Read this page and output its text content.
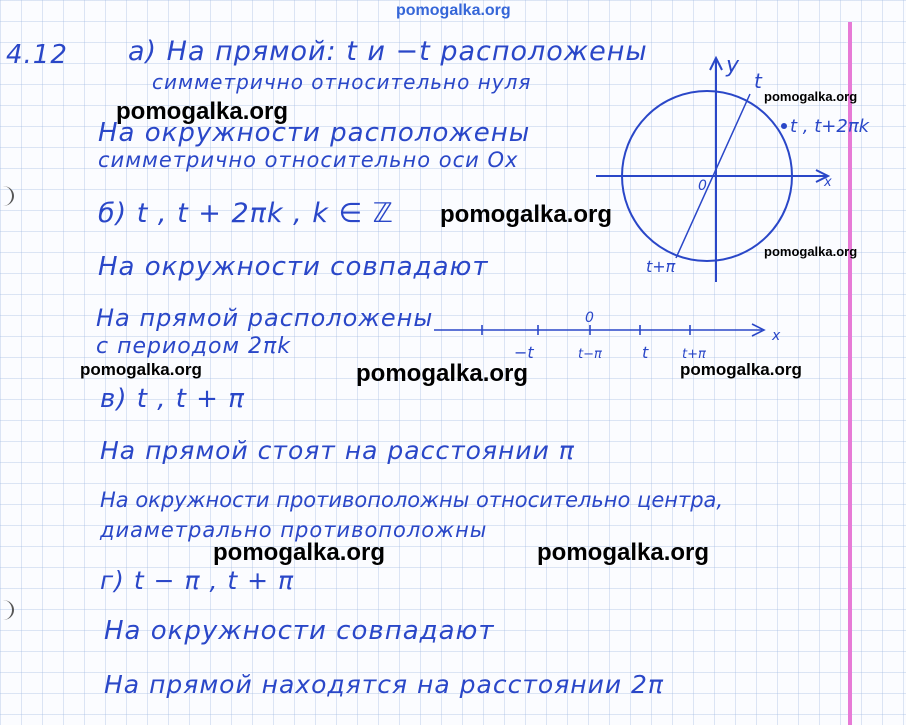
pomogalka.org
4.12 а) На прямой: t и −t расположены
симметрично относительно нуля
pomogalka.org
На окружности расположены
симметрично относительно оси Ox
б) t , t + 2πk , k ∈ ℤ pomogalka.org
На окружности совпадают
На прямой расположены
с периодом 2πk
pomogalka.org	pomogalka.org	pomogalka.org
в) t , t + π
На прямой стоят на расстоянии π
На окружности противоположны относительно центра,
диаметрально противоположны
pomogalka.org	pomogalka.org
г) t − π , t + π
На окружности совпадают
На прямой находятся на расстоянии 2π
y
x
0
t
t , t+2πk
t+π
pomogalka.org
pomogalka.org
0
x
−t	t−π	t	t+π
